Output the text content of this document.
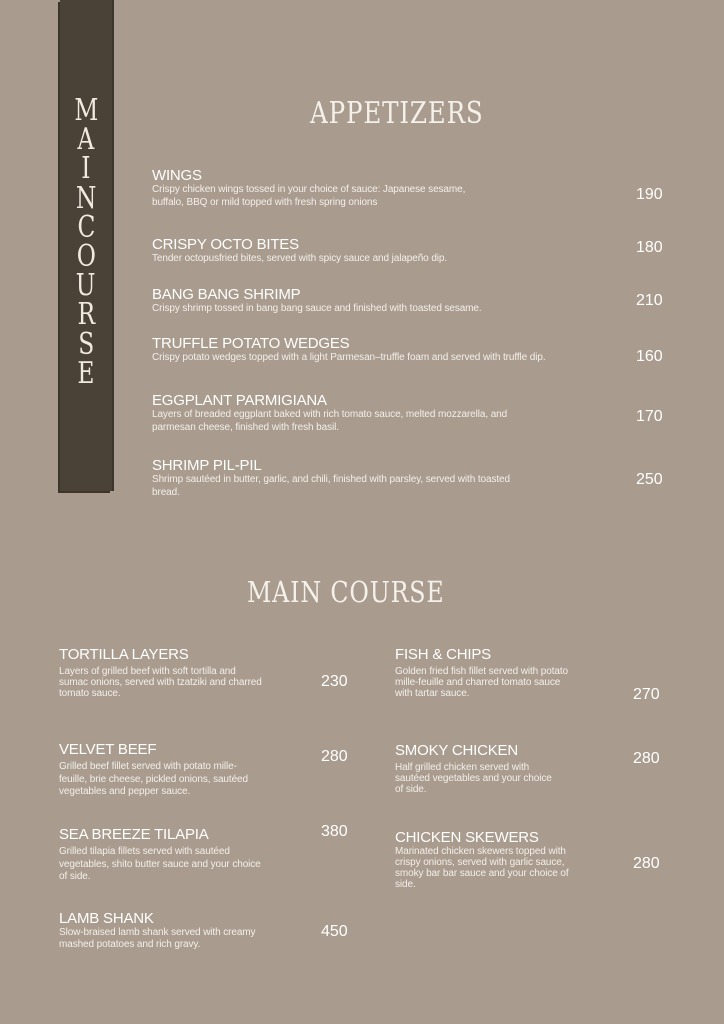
M
A
I
N
C
O
U
R
S
E
APPETIZERS
WINGS
Crispy chicken wings tossed in your choice of sauce: Japanese sesame, buffalo, BBQ or mild topped with fresh spring onions	190
CRISPY OCTO BITES
Tender octopusfried bites, served with spicy sauce and jalapeño dip.
180
BANG BANG SHRIMP
Crispy shrimp tossed in bang bang sauce and finished with toasted sesame.	210
TRUFFLE POTATO WEDGES
Crispy potato wedges topped with a light Parmesan–truffle foam and served with truffle dip.	160
EGGPLANT PARMIGIANA
Layers of breaded eggplant baked with rich tomato sauce, melted mozzarella, and parmesan cheese, finished with fresh basil.
170
SHRIMP PIL-PIL
Shrimp sautéed in butter, garlic, and chili, finished with parsley, served with toasted bread.
250
MAIN COURSE
TORTILLA LAYERS
Layers of grilled beef with soft tortilla and sumac onions, served with tzatziki and charred tomato sauce.
230
VELVET BEEF
Grilled beef fillet served with potato mille-feuille, brie cheese, pickled onions, sautéed vegetables and pepper sauce.
280
SEA BREEZE TILAPIA
Grilled tilapia fillets served with sautéed vegetables, shito butter sauce and your choice of side.
380
LAMB SHANK
Slow-braised lamb shank served with creamy mashed potatoes and rich gravy.
450
FISH & CHIPS
Golden fried fish fillet served with potato mille-feuille and charred tomato sauce with tartar sauce.	270
SMOKY CHICKEN
Half grilled chicken served with sautéed vegetables and your choice of side.
280
CHICKEN SKEWERS
Marinated chicken skewers topped with crispy onions, served with garlic sauce, smoky bar bar sauce and your choice of side.
280
